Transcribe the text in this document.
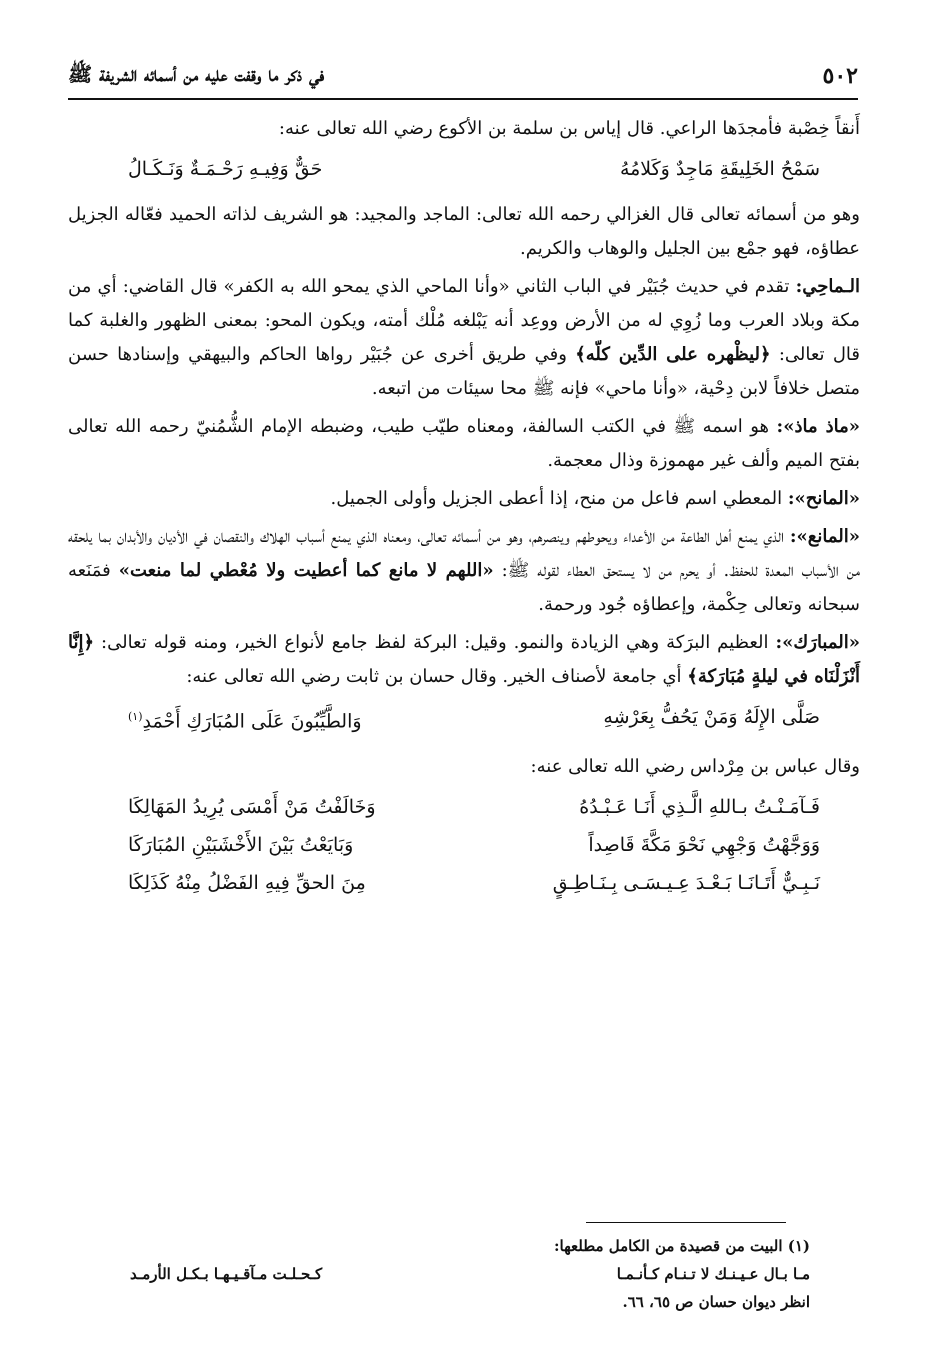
٥٠٢
في ذكر ما وقفت عليه من أسمائه الشريفة ﷺ

أَنقاً خِصْبة فأمجدَها الراعي. قال إياس بن سلمة بن الأكوع رضي الله تعالى عنه:

سَمْحُ الخَلِيقَةِ مَاجِدٌ وَكَلامُهُ
حَقٌّ وَفِيـهِ رَحْـمَـةٌ وَنَـكَـالُ

وهو من أسمائه تعالى قال الغزالي رحمه الله تعالى: الماجد والمجيد: هو الشريف لذاته الحميد فعّاله الجزيل عطاؤه، فهو جمْع بين الجليل والوهاب والكريم.

الـماحِي: تقدم في حديث جُبَيْر في الباب الثاني «وأنا الماحي الذي يمحو الله به الكفر» قال القاضي: أي من مكة وبلاد العرب وما زُوِي له من الأرض ووعِد أنه يَبْلغه مُلْك أمته، ويكون المحو: بمعنى الظهور والغلبة كما قال تعالى: ﴿ليظْهره على الدِّين كلّه﴾ وفي طريق أخرى عن جُبَيْر رواها الحاكم والبيهقي وإسنادها حسن متصل خلافاً لابن دِحْية، «وأنا ماحي» فإنه ﷺ محا سيئات من اتبعه.

«ماذ ماذ»: هو اسمه ﷺ في الكتب السالفة، ومعناه طيّب طيب، وضبطه الإمام الشُّمُنيّ رحمه الله تعالى بفتح الميم وألف غير مهموزة وذال معجمة.

«المانح»: المعطي اسم فاعل من منح، إذا أعطى الجزيل وأولى الجميل.

«المانع»: الذي يمنع أهل الطاعة من الأعداء ويحوطهم وينصرهم، وهو من أسمائه تعالى، ومعناه الذي يمنع أسباب الهلاك والنقصان في الأديان والأبدان بما يلحقه من الأسباب المعدة للحفظ. أو يحرم من لا يستحق العطاء لقوله ﷺ: «اللهم لا مانع كما أعطيت ولا مُعْطي لما منعت» فمَنَعه سبحانه وتعالى حِكْمة، وإعطاؤه جُود ورحمة.

«المبارَك»: العظيم البرَكة وهي الزيادة والنمو. وقيل: البركة لفظ جامع لأنواع الخير، ومنه قوله تعالى: ﴿إِنَّا أَنْزَلْنَاه في ليلةٍ مُبَارَكة﴾ أي جامعة لأصناف الخير. وقال حسان بن ثابت رضي الله تعالى عنه:

صَلَّى الإِلَهُ وَمَنْ يَحُفُّ بِعَرْشِهِ
وَالطَّيِّبُونَ عَلَى المُبَارَكِ أَحْمَدِ$^{(١)}$

وقال عباس بن مِرْداس رضي الله تعالى عنه:

فَـآمَـنْـتُ بـاللهِ الَّـذِي أَنَـا عَـبْـدُهُ
وَخَالَفْتُ مَنْ أَمْسَى يُرِيدُ المَهَالِكَا
وَوَجَّهْتُ وَجْهِي نَحْوَ مَكَّةَ قَاصِداً
وَبَايَعْتُ بَيْنَ الأَخْشَبَيْنِ المُبَارَكَا
نَـبِـيٌّ أَتَـانَـا بَـعْـدَ عِـيـسَـى بِـنَـاطِـقٍ
مِنَ الحقِّ فِيهِ الفَضْلُ مِنْهُ كَذَلِكَا
(١) البيت من قصيدة من الكامل مطلعها:
مـا بـال عـيـنـك لا تـنـام كـأنـمـا
كـحـلـت مـآقـيـهـا بـكـل الأرمـد
انظر ديوان حسان ص ٦٥، ٦٦.
